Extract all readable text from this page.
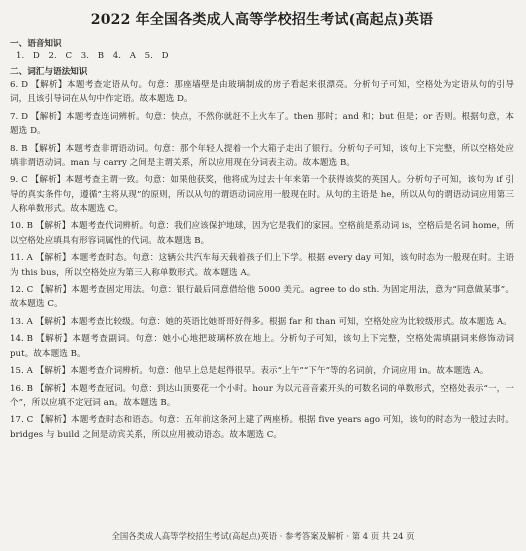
2022 年全国各类成人高等学校招生考试(高起点)英语
一、语音知识
1. D 2. C 3. B 4. A 5. D
二、词汇与语法知识
6. D 【解析】本题考查定语从句。句意：那座墙壁是由玻璃制成的房子看起来很漂亮。分析句子可知，空格处为定语从句的引导词，且该引导词在从句中作定语。故本题选 D。
7. D 【解析】本题考查连词辨析。句意：快点，不然你就赶不上火车了。then 那时；and 和；but 但是；or 否则。根据句意，本题选 D。
8. B 【解析】本题考查非谓语动词。句意：那个年轻人提着一个大箱子走出了银行。分析句子可知，该句上下完整，所以空格处应填非谓语动词。man 与 carry 之间是主谓关系，所以应用现在分词表主动。故本题选 B。
9. C 【解析】本题考查主谓一致。句意：如果他获奖，他将成为过去十年来第一个获得该奖的英国人。分析句子可知，该句为 if 引导的真实条件句，遵循“主将从现”的原则，所以从句的谓语动词应用一般现在时。从句的主语是 he，所以从句的谓语动词应用第三人称单数形式。故本题选 C。
10. B 【解析】本题考查代词辨析。句意：我们应该保护地球，因为它是我们的家园。空格前是系动词 is，空格后是名词 home，所以空格处应填具有形容词属性的代词。故本题选 B。
11. A 【解析】本题考查时态。句意：这辆公共汽车每天载着孩子们上下学。根据 every day 可知，该句时态为一般现在时。主语为 this bus，所以空格处应为第三人称单数形式。故本题选 A。
12. C 【解析】本题考查固定用法。句意：银行最后同意借给他 5000 美元。agree to do sth. 为固定用法，意为“同意做某事”。故本题选 C。
13. A 【解析】本题考查比较级。句意：她的英语比她哥哥好得多。根据 far 和 than 可知，空格处应为比较级形式。故本题选 A。
14. B 【解析】本题考查副词。句意：她小心地把玻璃杯放在地上。分析句子可知，该句上下完整，空格处需填副词来修饰动词 put。故本题选 B。
15. A 【解析】本题考查介词辨析。句意：他早上总是起得很早。表示“上午”“下午”等的名词前，介词应用 in。故本题选 A。
16. B 【解析】本题考查冠词。句意：到达山顶要花一个小时。hour 为以元音音素开头的可数名词的单数形式，空格处表示“一，一个”，所以应填不定冠词 an。故本题选 B。
17. C 【解析】本题考查时态和语态。句意：五年前这条河上建了两座桥。根据 five years ago 可知，该句的时态为一般过去时。bridges 与 build 之间是动宾关系，所以应用被动语态。故本题选 C。
全国各类成人高等学校招生考试(高起点)英语 · 参考答案及解析 · 第 4 页 共 24 页
